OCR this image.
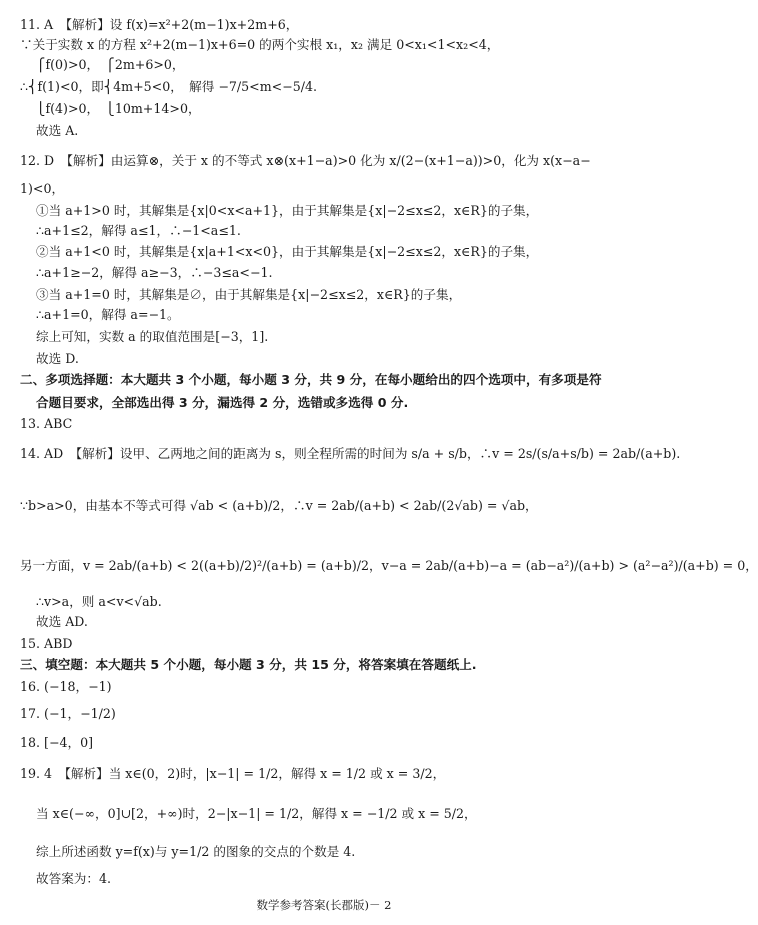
11. A　【解析】设 f(x)=x²+2(m−1)x+2m+6，
∵关于实数 x 的方程 x²+2(m−1)x+6=0 的两个实根 x₁，x₂ 满足 0<x₁<1<x₂<4，
⎧f(0)>0，　⎧2m+6>0，
∴⎨f(1)<0，即⎨4m+5<0，　解得 −7/5<m<−5/4.
⎩f(4)>0，　⎩10m+14>0，
故选 A.
12. D　【解析】由运算⊗，关于 x 的不等式 x⊗(x+1−a)>0 化为 x/(2−(x+1−a))>0，化为 x(x−a−
1)<0，
①当 a+1>0 时，其解集是{x|0<x<a+1}，由于其解集是{x|−2≤x≤2，x∈R}的子集，
∴a+1≤2，解得 a≤1，∴−1<a≤1.
②当 a+1<0 时，其解集是{x|a+1<x<0}，由于其解集是{x|−2≤x≤2，x∈R}的子集，
∴a+1≥−2，解得 a≥−3，∴−3≤a<−1.
③当 a+1=0 时，其解集是∅，由于其解集是{x|−2≤x≤2，x∈R}的子集，
∴a+1=0，解得 a=−1。
综上可知，实数 a 的取值范围是[−3，1].
故选 D.
二、多项选择题：本大题共 3 个小题，每小题 3 分，共 9 分，在每小题给出的四个选项中，有多项是符
合题目要求，全部选出得 3 分，漏选得 2 分，选错或多选得 0 分.
13. ABC
14. AD　【解析】设甲、乙两地之间的距离为 s，则全程所需的时间为 s/a + s/b，∴v = 2s/(s/a+s/b) = 2ab/(a+b).
∵b>a>0，由基本不等式可得 √ab < (a+b)/2，∴v = 2ab/(a+b) < 2ab/(2√ab) = √ab，
另一方面，v = 2ab/(a+b) < 2((a+b)/2)²/(a+b) = (a+b)/2，v−a = 2ab/(a+b)−a = (ab−a²)/(a+b) > (a²−a²)/(a+b) = 0，
∴v>a，则 a<v<√ab.
故选 AD.
15. ABD
三、填空题：本大题共 5 个小题，每小题 3 分，共 15 分，将答案填在答题纸上.
16. (−18，−1)
17. (−1，−1/2)
18. [−4，0]
19. 4　【解析】当 x∈(0，2)时，|x−1| = 1/2，解得 x = 1/2 或 x = 3/2，
当 x∈(−∞，0]∪[2，+∞)时，2−|x−1| = 1/2，解得 x = −1/2 或 x = 5/2，
综上所述函数 y=f(x)与 y=1/2 的图象的交点的个数是 4.
故答案为：4.
数学参考答案(长郡版)－ 2
